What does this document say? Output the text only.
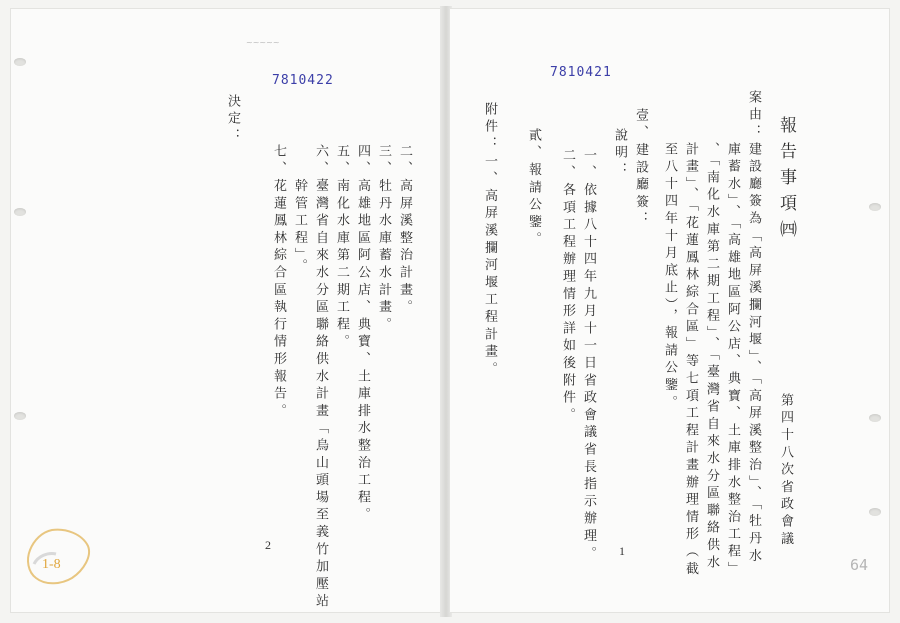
~~~~~
7810422
決定：
二、高屏溪整治計畫。
三、牡丹水庫蓄水計畫。
四、高雄地區阿公店、典寶、土庫排水整治工程。
五、南化水庫第二期工程。
六、臺灣省自來水分區聯絡供水計畫「烏山頭場至義竹加壓站
　　幹管工程」。
七、花蓮鳳林綜合區執行情形報告。
2
7810421
報告事項㈣
第四十八次省政會議
案由：建設廳簽為「高屏溪攔河堰」、「高屏溪整治」、「牡丹水
　　　庫蓄水」、「高雄地區阿公店、典寶、土庫排水整治工程」
　　　、「南化水庫第二期工程」、「臺灣省自來水分區聯絡供水
　　　計畫」、「花蓮鳳林綜合區」等七項工程計畫辦理情形（截
　　　至八十四年十月底止），報請公鑒。
壹、建設廳簽：
說明：
一、依據八十四年九月十一日省政會議省長指示辦理。
二、各項工程辦理情形詳如後附件。
貳、報請公鑒。
附件：一、高屏溪攔河堰工程計畫。
1
64
1-8
